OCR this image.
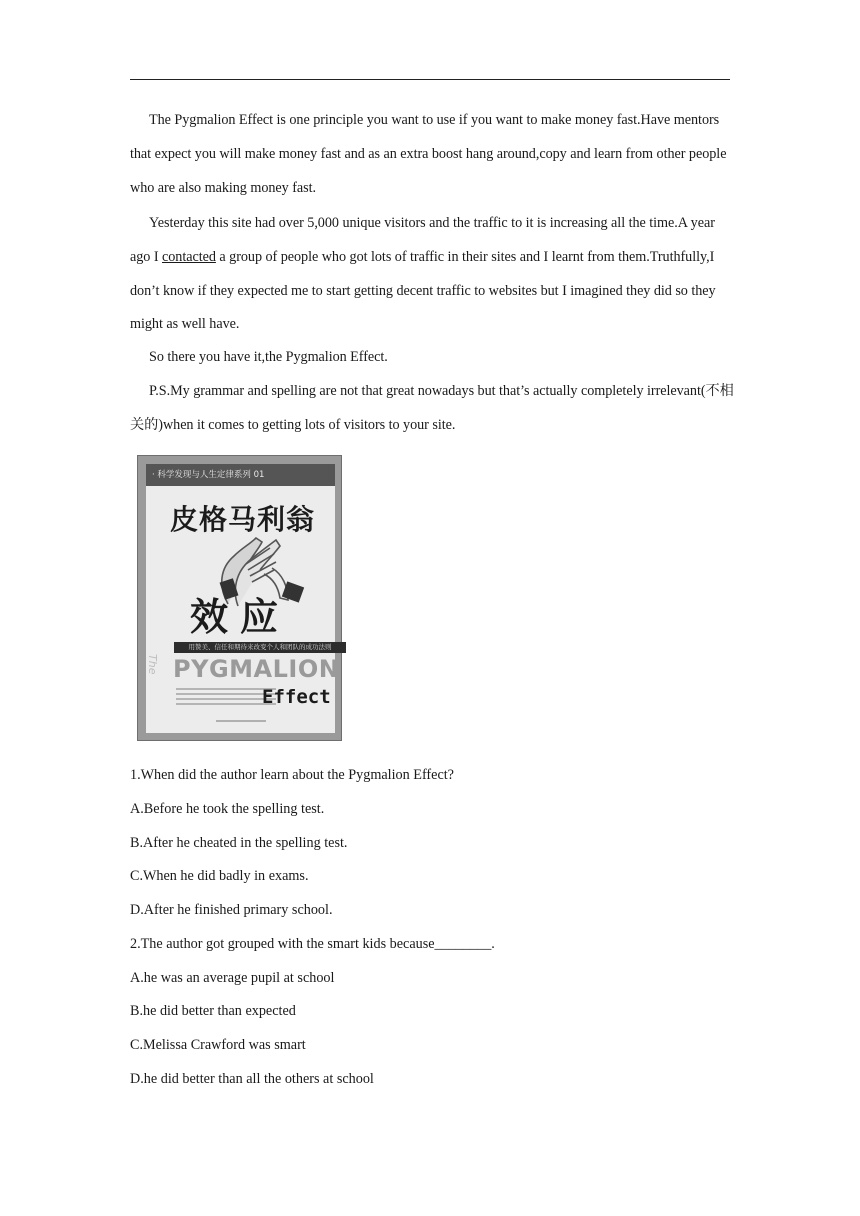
The Pygmalion Effect is one principle you want to use if you want to make money fast.Have mentors that expect you will make money fast and as an extra boost hang around,copy and learn from other people who are also making money fast.

Yesterday this site had over 5,000 unique visitors and the traffic to it is increasing all the time.A year ago I contacted a group of people who got lots of traffic in their sites and I learnt from them.Truthfully,I don’t know if they expected me to start getting decent traffic to websites but I imagined they did so they might as well have.

So there you have it,the Pygmalion Effect.

P.S.My grammar and spelling are not that great nowadays but that’s actually completely irrelevant(不相关的)when it comes to getting lots of visitors to your site.

· 科学发现与人生定律系列 01
皮格马利翁
效应
用赞美、信任和期待来改变个人和团队的成功法则
The PYGMALION
Effect
1.When did the author learn about the Pygmalion Effect?
A.Before he took the spelling test.
B.After he cheated in the spelling test.
C.When he did badly in exams.
D.After he finished primary school.
2.The author got grouped with the smart kids because________.
A.he was an average pupil at school
B.he did better than expected
C.Melissa Crawford was smart
D.he did better than all the others at school
